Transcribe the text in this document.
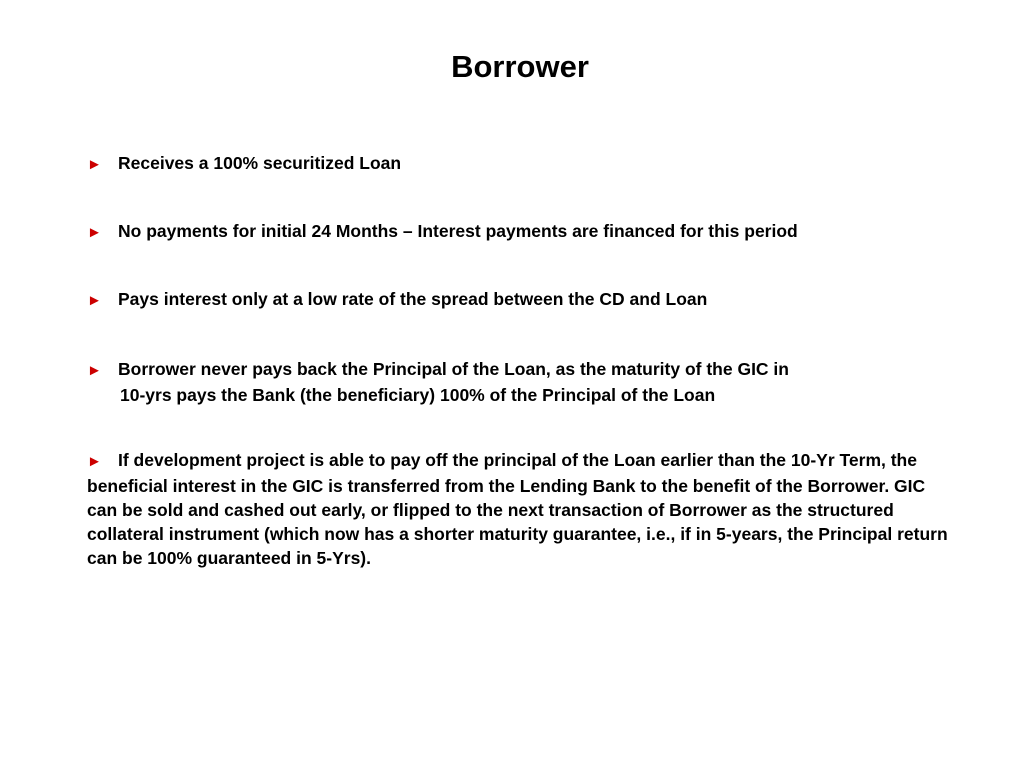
Borrower

► Receives a 100% securitized Loan

► No payments for initial 24 Months – Interest payments are financed for this period

► Pays interest only at a low rate of the spread between the CD and Loan

► Borrower never pays back the Principal of the Loan, as the maturity of the GIC in
10-yrs pays the Bank (the beneficiary) 100% of the Principal of the Loan

► If development project is able to pay off the principal of the Loan earlier than the 10-Yr Term, the beneficial interest in the GIC is transferred from the Lending Bank to the benefit of the Borrower. GIC can be sold and cashed out early, or flipped to the next transaction of Borrower as the structured collateral instrument (which now has a shorter maturity guarantee, i.e., if in 5-years, the Principal return can be 100% guaranteed in 5-Yrs).
